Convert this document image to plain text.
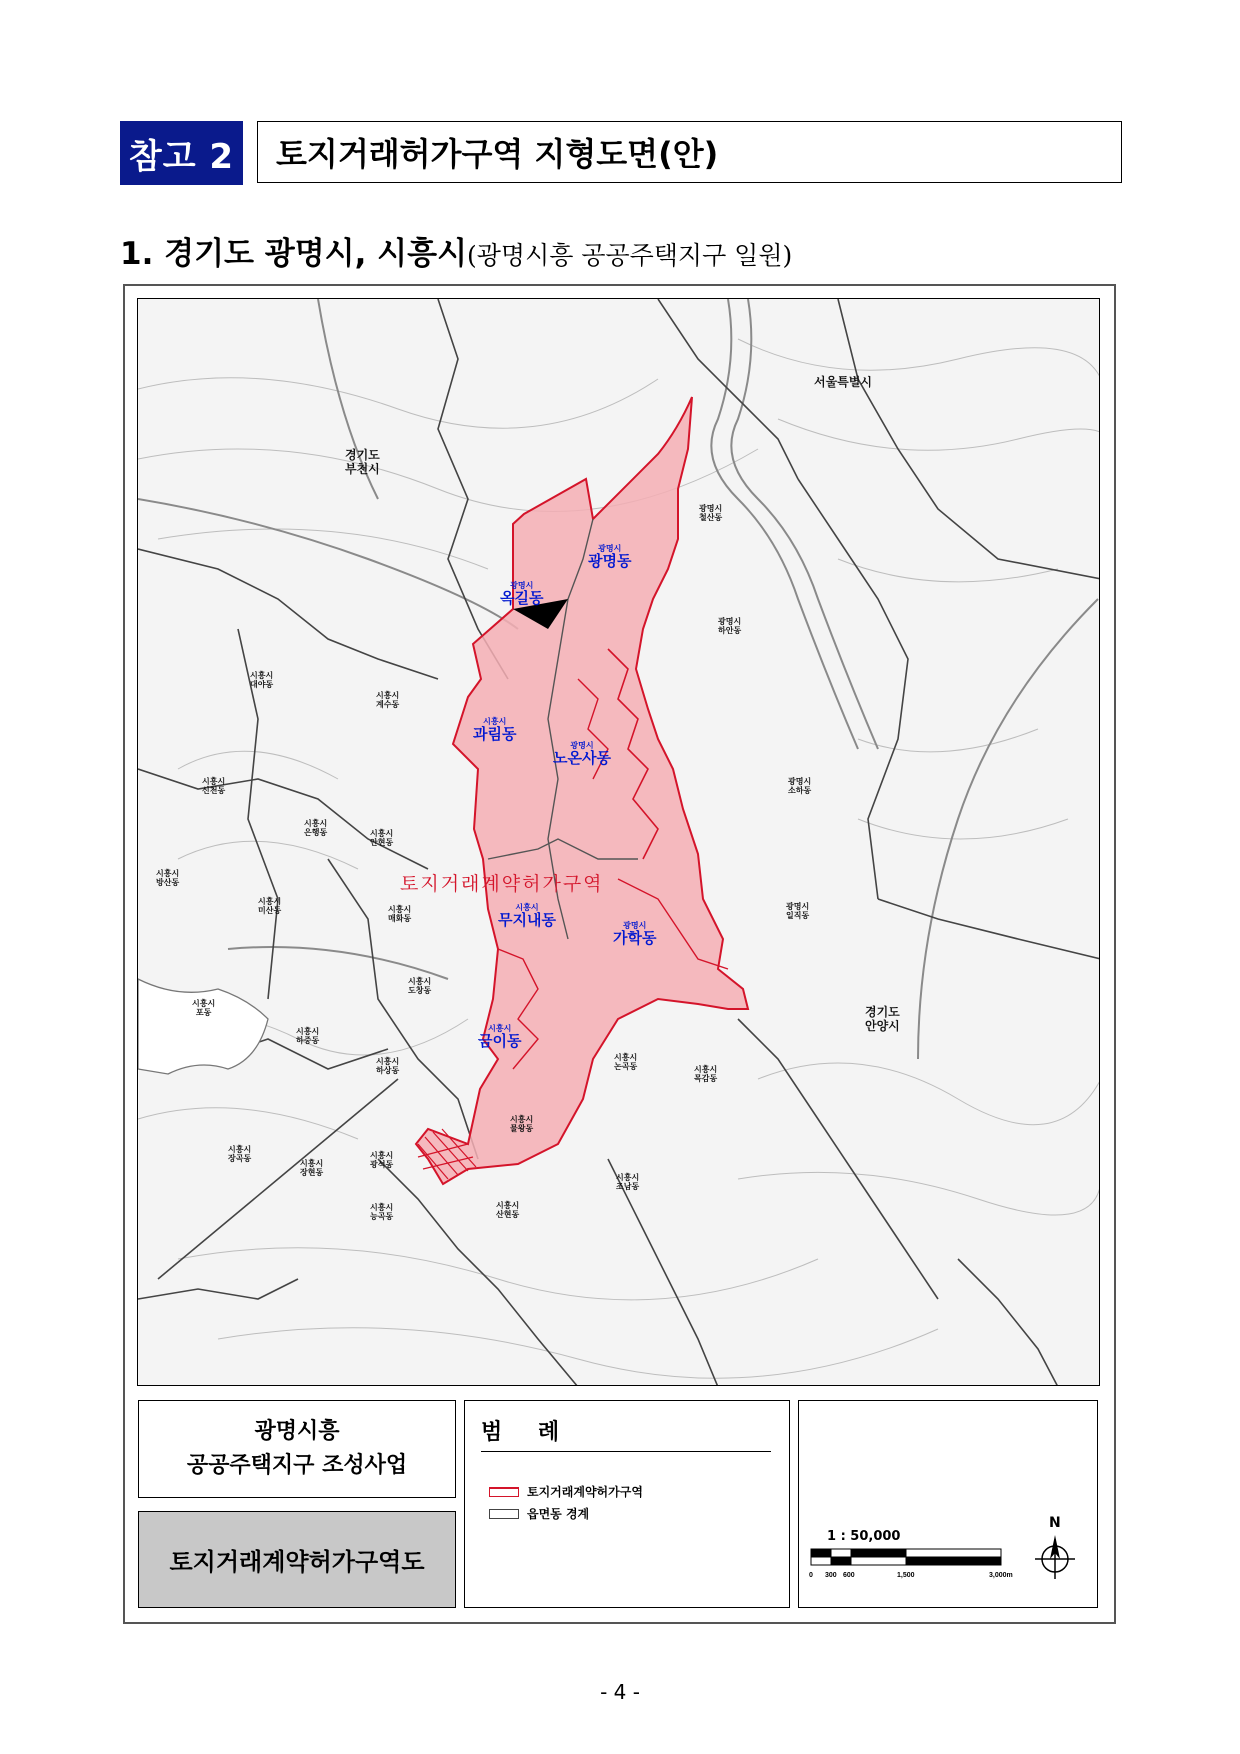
참고 2 토지거래허가구역 지형도면(안)
1. 경기도 광명시, 시흥시(광명시흥 공공주택지구 일원)
서울특별시
경기도
부천시
경기도
안양시
광명시
광명동
광명시
옥길동
시흥시
과림동
광명시
노온사동
시흥시
무지내동	광명시
가학동
시흥시
금이동
광명시
철산동
광명시
하안동
시흥시
대야동
시흥시
계수동
광명시
소하동
시흥시
신천동
시흥시
은행동	시흥시
안현동
시흥시
방산동
시흥시
미산동	시흥시
매화동
광명시
일직동
시흥시
도창동
시흥시
포동
시흥시
하중동
시흥시
하상동
시흥시
논곡동	시흥시
목감동
시흥시
물왕동
시흥시
장곡동
시흥시
장현동
시흥시
광석동
시흥시
능곡동
시흥시
산현동
시흥시
조남동
토지거래계약허가구역
광명시흥
공공주택지구 조성사업
토지거래계약허가구역도
범 례
토지거래계약허가구역
읍면동 경계
1 : 50,000
0 300 600	1,500	3,000m
N
- 4 -
